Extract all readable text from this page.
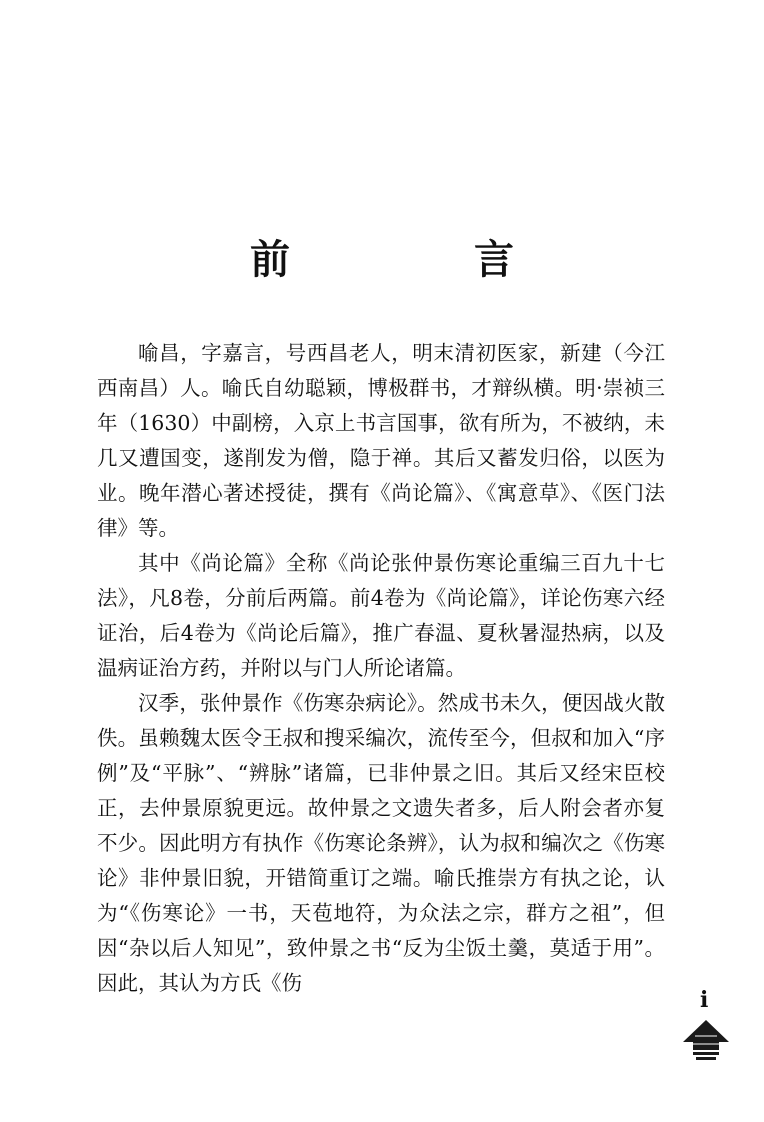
前　言

喻昌，字嘉言，号西昌老人，明末清初医家，新建（今江西南昌）人。喻氏自幼聪颖，博极群书，才辩纵横。明·崇祯三年（1630）中副榜，入京上书言国事，欲有所为，不被纳，未几又遭国变，遂削发为僧，隐于禅。其后又蓄发归俗，以医为业。晚年潜心著述授徒，撰有《尚论篇》、《寓意草》、《医门法律》等。

其中《尚论篇》全称《尚论张仲景伤寒论重编三百九十七法》，凡8卷，分前后两篇。前4卷为《尚论篇》，详论伤寒六经证治，后4卷为《尚论后篇》，推广春温、夏秋暑湿热病，以及温病证治方药，并附以与门人所论诸篇。

汉季，张仲景作《伤寒杂病论》。然成书未久，便因战火散佚。虽赖魏太医令王叔和搜采编次，流传至今，但叔和加入“序例”及“平脉”、“辨脉”诸篇，已非仲景之旧。其后又经宋臣校正，去仲景原貌更远。故仲景之文遗失者多，后人附会者亦复不少。因此明方有执作《伤寒论条辨》，认为叔和编次之《伤寒论》非仲景旧貌，开错简重订之端。喻氏推崇方有执之论，认为“《伤寒论》一书，天苞地符，为众法之宗，群方之祖”，但因“杂以后人知见”，致仲景之书“反为尘饭土羹，莫适于用”。因此，其认为方氏《伤

i
